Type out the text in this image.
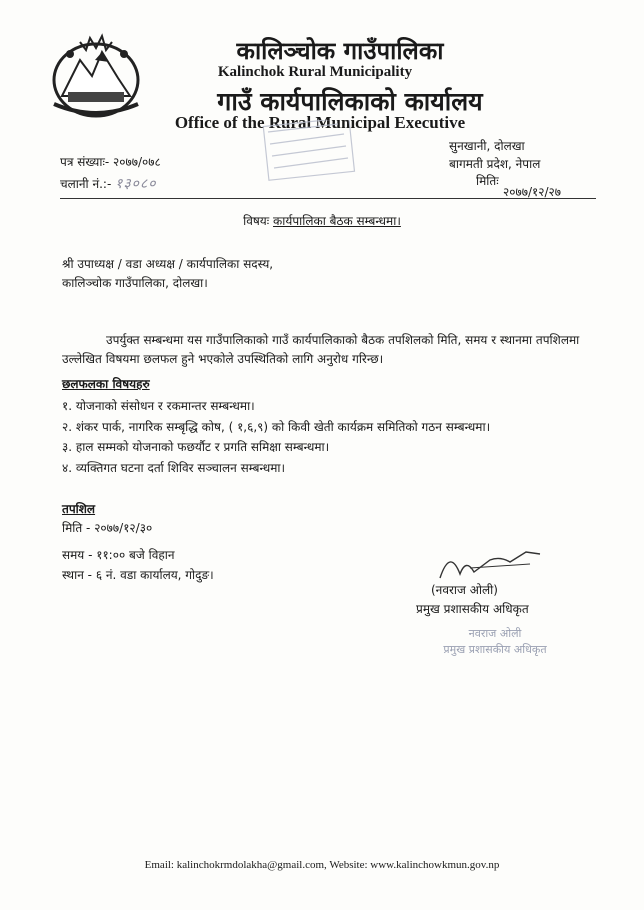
कालिञ्चोक गाउँपालिका
Kalinchok Rural Municipality
गाउँ कार्यपालिकाको कार्यालय
Office of the Rural Municipal Executive
पत्र संख्याः- २०७७/०७८
चलानी नं.:- १३०८०
सुनखानी, दोलखा
बागमती प्रदेश, नेपाल
मितिः
२०७७/१२/२७
विषयः कार्यपालिका बैठक सम्बन्धमा।
श्री उपाध्यक्ष / वडा अध्यक्ष / कार्यपालिका सदस्य,
कालिञ्चोक गाउँपालिका, दोलखा।
उपर्युक्त सम्बन्धमा यस गाउँपालिकाको गाउँ कार्यपालिकाको बैठक तपशिलको मिति, समय र स्थानमा तपशिलमा
उल्लेखित विषयमा छलफल हुने भएकोले उपस्थितिको लागि अनुरोध गरिन्छ।
छलफलका विषयहरु
१. योजनाको संसोधन र रकमान्तर सम्बन्धमा।
२. शंकर पार्क, नागरिक सम्बृद्धि कोष, ( १,६,९) को किवी खेती कार्यक्रम समितिको गठन सम्बन्धमा।
३. हाल सम्मको योजनाको फछर्यौट र प्रगति समिक्षा सम्बन्धमा।
४. व्यक्तिगत घटना दर्ता शिविर सञ्चालन सम्बन्धमा।
तपशिल
मिति - २०७७/१२/३०
समय - ११:०० बजे विहान
स्थान - ६ नं. वडा कार्यालय, गोदुङ।
(नवराज ओली)
प्रमुख प्रशासकीय अधिकृत
नवराज ओली
प्रमुख प्रशासकीय अधिकृत
Email: kalinchokrmdolakha@gmail.com, Website: www.kalinchowkmun.gov.np
